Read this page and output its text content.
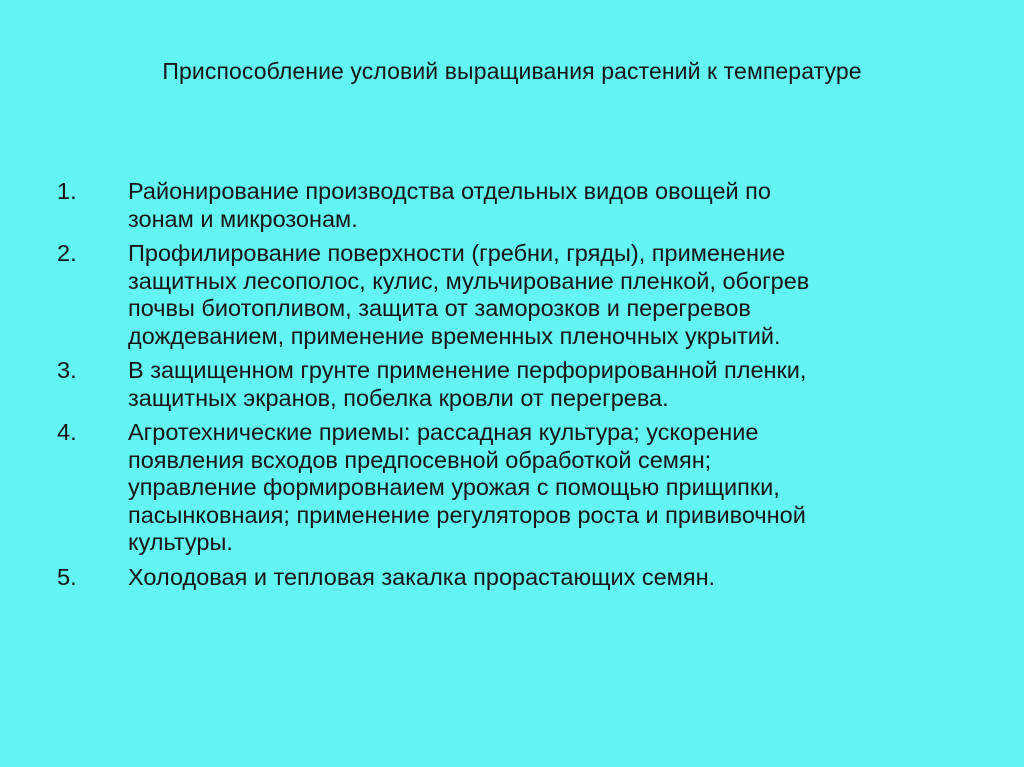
Приспособление условий выращивания растений к температуре
1.	Районирование производства отдельных видов овощей по
зонам и микрозонам.
2.	Профилирование поверхности (гребни, гряды), применение
защитных лесополос, кулис, мульчирование пленкой, обогрев
почвы биотопливом, защита от заморозков и перегревов
дождеванием, применение временных пленочных укрытий.
3.	В защищенном грунте применение перфорированной пленки,
защитных экранов, побелка кровли от перегрева.
4.	Агротехнические приемы: рассадная культура; ускорение
появления всходов предпосевной обработкой семян;
управление формировнаием урожая с помощью прищипки,
пасынковнаия; применение регуляторов роста и прививочной
культуры.
5.	Холодовая и тепловая закалка прорастающих семян.
